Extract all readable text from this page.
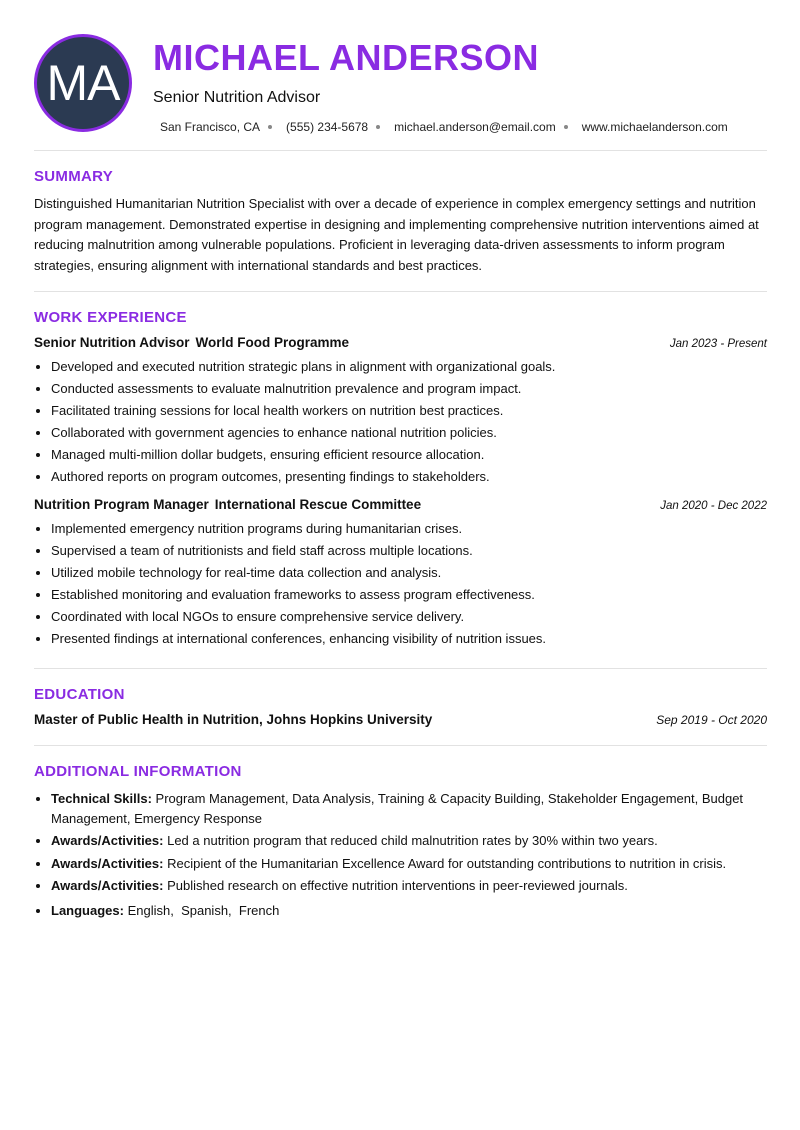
MA MICHAEL ANDERSON
Senior Nutrition Advisor
San Francisco, CA (555) 234-5678 michael.anderson@email.com www.michaelanderson.com
SUMMARY

Distinguished Humanitarian Nutrition Specialist with over a decade of experience in complex emergency settings and nutrition program management. Demonstrated expertise in designing and implementing comprehensive nutrition interventions aimed at reducing malnutrition among vulnerable populations. Proficient in leveraging data-driven assessments to inform program strategies, ensuring alignment with international standards and best practices.

WORK EXPERIENCE
Senior Nutrition Advisor World Food Programme	Jan 2023 - Present
• Developed and executed nutrition strategic plans in alignment with organizational goals.
• Conducted assessments to evaluate malnutrition prevalence and program impact.
• Facilitated training sessions for local health workers on nutrition best practices.
• Collaborated with government agencies to enhance national nutrition policies.
• Managed multi-million dollar budgets, ensuring efficient resource allocation.
• Authored reports on program outcomes, presenting findings to stakeholders.
Nutrition Program Manager International Rescue Committee	Jan 2020 - Dec 2022
• Implemented emergency nutrition programs during humanitarian crises.
• Supervised a team of nutritionists and field staff across multiple locations.
• Utilized mobile technology for real-time data collection and analysis.
• Established monitoring and evaluation frameworks to assess program effectiveness.
• Coordinated with local NGOs to ensure comprehensive service delivery.
• Presented findings at international conferences, enhancing visibility of nutrition issues.
EDUCATION
Master of Public Health in Nutrition, Johns Hopkins University	Sep 2019 - Oct 2020
ADDITIONAL INFORMATION
• Technical Skills: Program Management, Data Analysis, Training & Capacity Building, Stakeholder Engagement, Budget Management, Emergency Response
• Awards/Activities: Led a nutrition program that reduced child malnutrition rates by 30% within two years.
• Awards/Activities: Recipient of the Humanitarian Excellence Award for outstanding contributions to nutrition in crisis.
• Awards/Activities: Published research on effective nutrition interventions in peer-reviewed journals.
• Languages: English,  Spanish,  French
